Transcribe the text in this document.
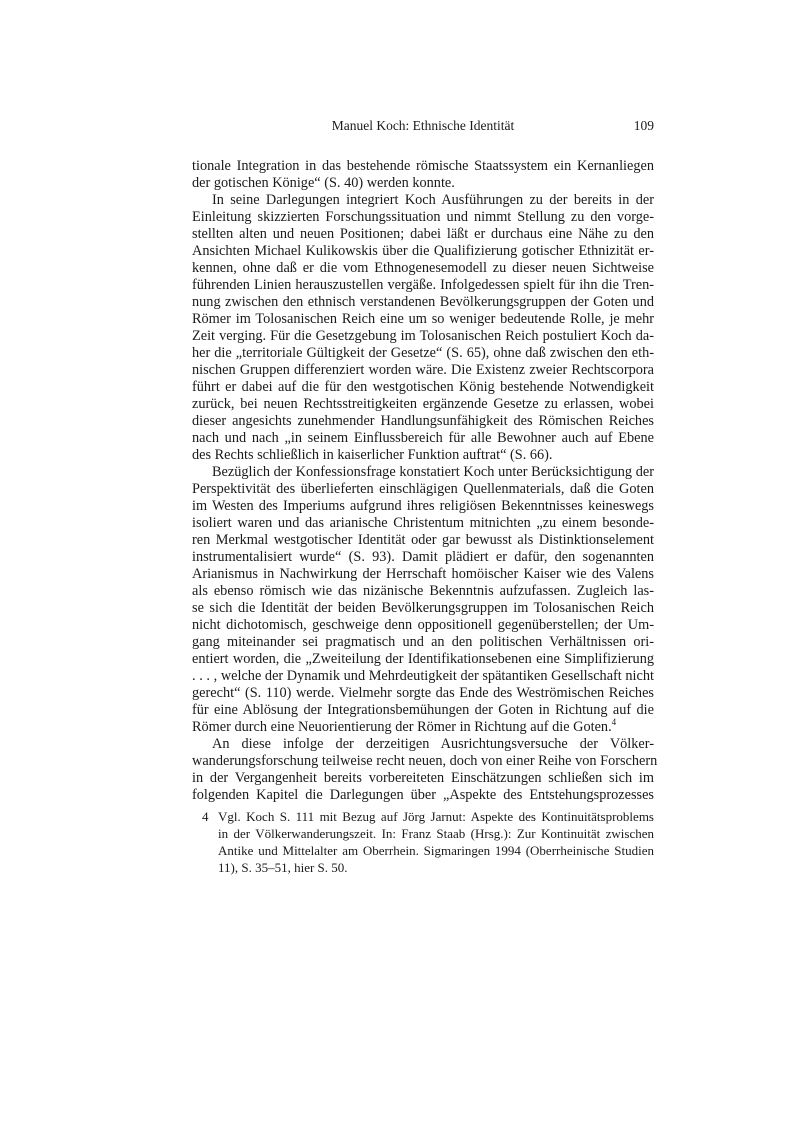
Manuel Koch: Ethnische Identität	109
tionale Integration in das bestehende römische Staatssystem ein Kernanliegen
der gotischen Könige“ (S. 40) werden konnte.
In seine Darlegungen integriert Koch Ausführungen zu der bereits in der
Einleitung skizzierten Forschungssituation und nimmt Stellung zu den vorge-
stellten alten und neuen Positionen; dabei läßt er durchaus eine Nähe zu den
Ansichten Michael Kulikowskis über die Qualifizierung gotischer Ethnizität er-
kennen, ohne daß er die vom Ethnogenesemodell zu dieser neuen Sichtweise
führenden Linien herauszustellen vergäße. Infolgedessen spielt für ihn die Tren-
nung zwischen den ethnisch verstandenen Bevölkerungsgruppen der Goten und
Römer im Tolosanischen Reich eine um so weniger bedeutende Rolle, je mehr
Zeit verging. Für die Gesetzgebung im Tolosanischen Reich postuliert Koch da-
her die „territoriale Gültigkeit der Gesetze“ (S. 65), ohne daß zwischen den eth-
nischen Gruppen differenziert worden wäre. Die Existenz zweier Rechtscorpora
führt er dabei auf die für den westgotischen König bestehende Notwendigkeit
zurück, bei neuen Rechtsstreitigkeiten ergänzende Gesetze zu erlassen, wobei
dieser angesichts zunehmender Handlungsunfähigkeit des Römischen Reiches
nach und nach „in seinem Einflussbereich für alle Bewohner auch auf Ebene
des Rechts schließlich in kaiserlicher Funktion auftrat“ (S. 66).
Bezüglich der Konfessionsfrage konstatiert Koch unter Berücksichtigung der
Perspektivität des überlieferten einschlägigen Quellenmaterials, daß die Goten
im Westen des Imperiums aufgrund ihres religiösen Bekenntnisses keineswegs
isoliert waren und das arianische Christentum mitnichten „zu einem besonde-
ren Merkmal westgotischer Identität oder gar bewusst als Distinktionselement
instrumentalisiert wurde“ (S. 93). Damit plädiert er dafür, den sogenannten
Arianismus in Nachwirkung der Herrschaft homöischer Kaiser wie des Valens
als ebenso römisch wie das nizänische Bekenntnis aufzufassen. Zugleich las-
se sich die Identität der beiden Bevölkerungsgruppen im Tolosanischen Reich
nicht dichotomisch, geschweige denn oppositionell gegenüberstellen; der Um-
gang miteinander sei pragmatisch und an den politischen Verhältnissen ori-
entiert worden, die „Zweiteilung der Identifikationsebenen eine Simplifizierung
. . . , welche der Dynamik und Mehrdeutigkeit der spätantiken Gesellschaft nicht
gerecht“ (S. 110) werde. Vielmehr sorgte das Ende des Weströmischen Reiches
für eine Ablösung der Integrationsbemühungen der Goten in Richtung auf die
Römer durch eine Neuorientierung der Römer in Richtung auf die Goten.$^4$
An diese infolge der derzeitigen Ausrichtungsversuche der Völker-
wanderungsforschung teilweise recht neuen, doch von einer Reihe von Forschern
in der Vergangenheit bereits vorbereiteten Einschätzungen schließen sich im
folgenden Kapitel die Darlegungen über „Aspekte des Entstehungsprozesses
4 Vgl. Koch S. 111 mit Bezug auf Jörg Jarnut: Aspekte des Kontinuitätsproblems
in der Völkerwanderungszeit. In: Franz Staab (Hrsg.): Zur Kontinuität zwischen
Antike und Mittelalter am Oberrhein. Sigmaringen 1994 (Oberrheinische Studien
11), S. 35–51, hier S. 50.
